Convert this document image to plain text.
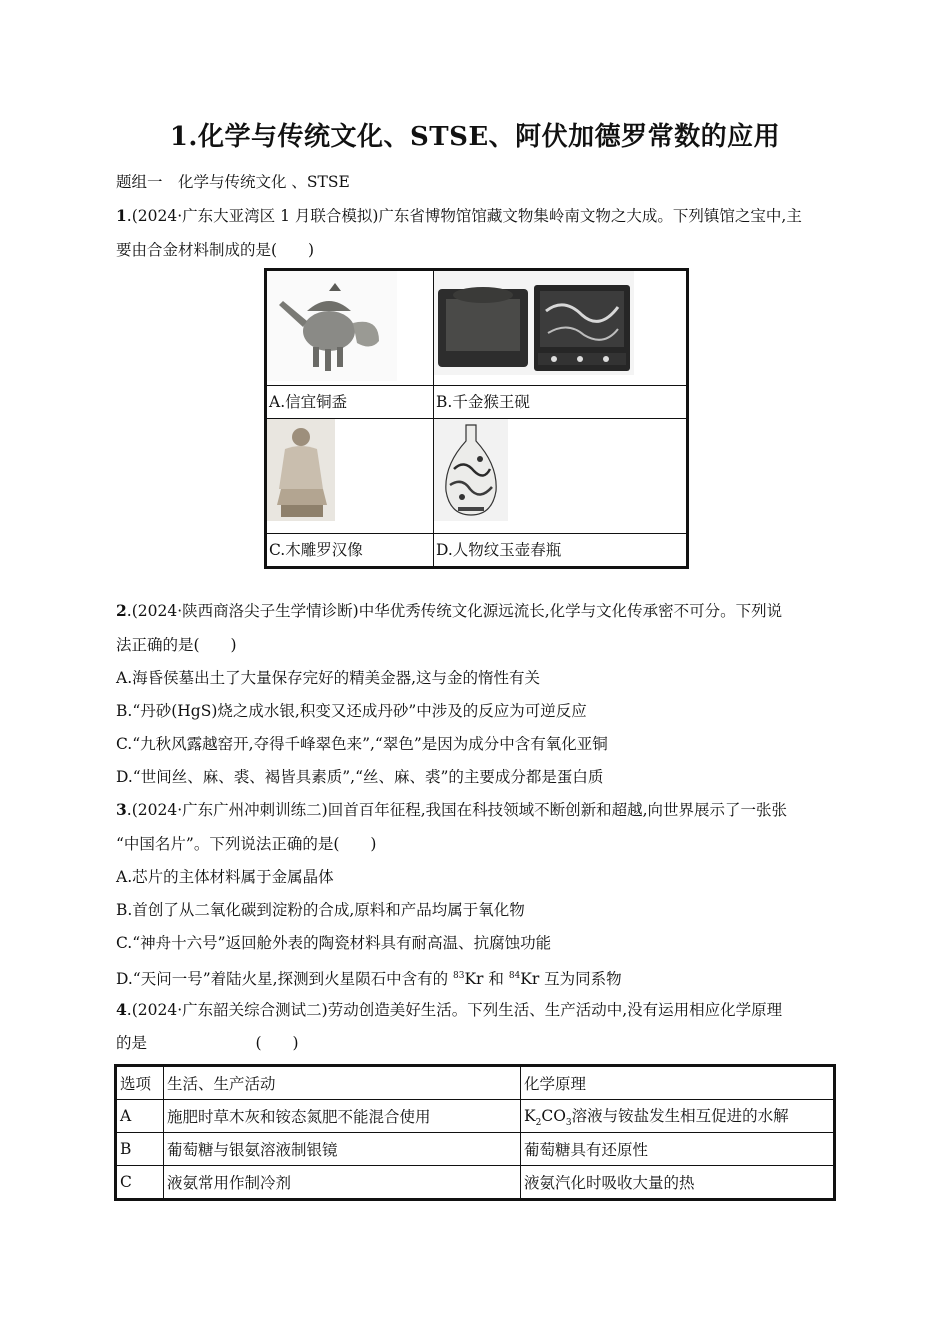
1.化学与传统文化、STSE、阿伏加德罗常数的应用
题组一　化学与传统文化 、STSE
1.(2024·广东大亚湾区 1 月联合模拟)广东省博物馆馆藏文物集岭南文物之大成。下列镇馆之宝中,主
要由合金材料制成的是(　　)

A.信宜铜盉	B.千金猴王砚

C.木雕罗汉像	D.人物纹玉壶春瓶
2.(2024·陕西商洛尖子生学情诊断)中华优秀传统文化源远流长,化学与文化传承密不可分。下列说
法正确的是(　　)
A.海昏侯墓出土了大量保存完好的精美金器,这与金的惰性有关
B.“丹砂(HgS)烧之成水银,积变又还成丹砂”中涉及的反应为可逆反应
C.“九秋风露越窑开,夺得千峰翠色来”,“翠色”是因为成分中含有氧化亚铜
D.“世间丝、麻、裘、褐皆具素质”,“丝、麻、裘”的主要成分都是蛋白质
3.(2024·广东广州冲刺训练二)回首百年征程,我国在科技领域不断创新和超越,向世界展示了一张张
“中国名片”。下列说法正确的是(　　)
A.芯片的主体材料属于金属晶体
B.首创了从二氧化碳到淀粉的合成,原料和产品均属于氧化物
C.“神舟十六号”返回舱外表的陶瓷材料具有耐高温、抗腐蚀功能
D.“天问一号”着陆火星,探测到火星陨石中含有的 $^{83}$Kr 和 $^{84}$Kr 互为同系物
4.(2024·广东韶关综合测试二)劳动创造美好生活。下列生活、生产活动中,没有运用相应化学原理
的是　　　　　　　(　　)
选项	生活、生产活动	化学原理
A	施肥时草木灰和铵态氮肥不能混合使用	$K_2CO_3$溶液与铵盐发生相互促进的水解
B	葡萄糖与银氨溶液制银镜	葡萄糖具有还原性
C	液氨常用作制冷剂	液氨汽化时吸收大量的热
